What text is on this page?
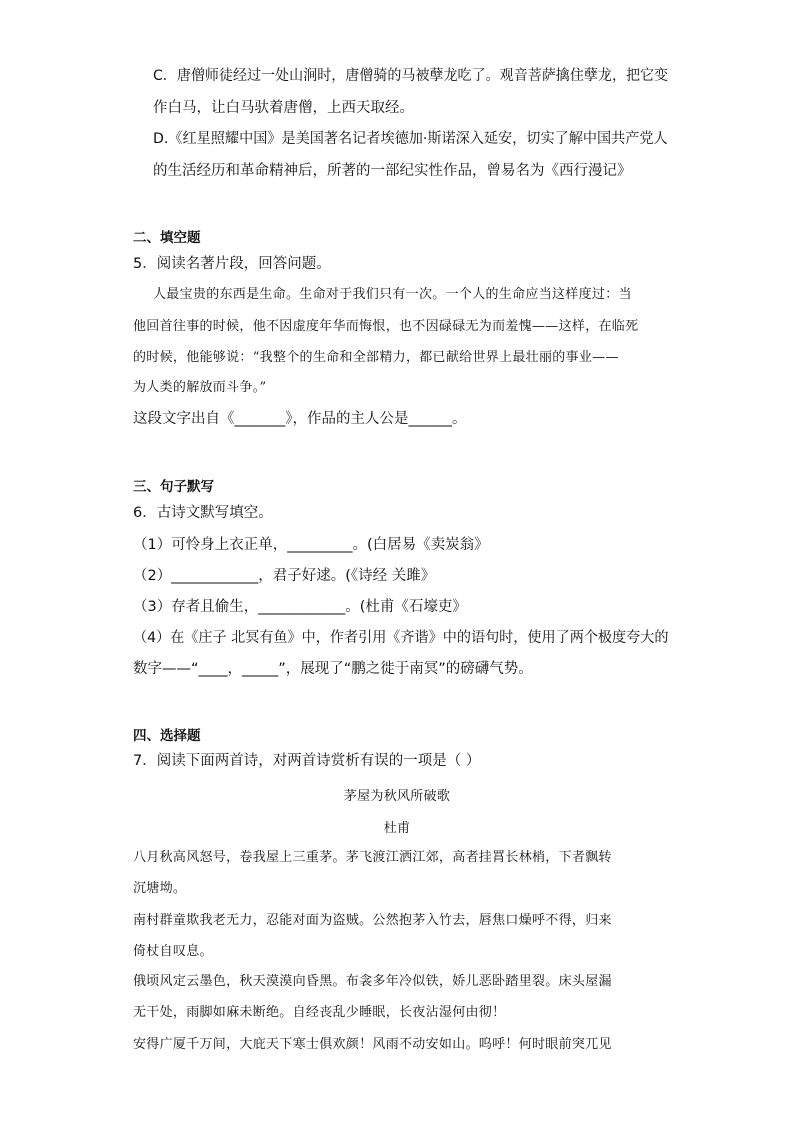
C．唐僧师徒经过一处山涧时，唐僧骑的马被孽龙吃了。观音菩萨擒住孽龙，把它变
作白马，让白马驮着唐僧，上西天取经。
D.《红星照耀中国》是美国著名记者埃德加·斯诺深入延安，切实了解中国共产党人
的生活经历和革命精神后，所著的一部纪实性作品，曾易名为《西行漫记》
二、填空题
5．阅读名著片段，回答问题。
人最宝贵的东西是生命。生命对于我们只有一次。一个人的生命应当这样度过：当
他回首往事的时候，他不因虚度年华而悔恨，也不因碌碌无为而羞愧——这样，在临死
的时候，他能够说：“我整个的生命和全部精力，都已献给世界上最壮丽的事业——
为人类的解放而斗争。”
这段文字出自《_______》，作品的主人公是______。
三、句子默写
6．古诗文默写填空。
（1）可怜身上衣正单，_________。(白居易《卖炭翁》
（2）____________，君子好逑。(《诗经 关雎》
（3）存者且偷生，____________。(杜甫《石壕吏》
（4）在《庄子 北冥有鱼》中，作者引用《齐谐》中的语句时，使用了两个极度夸大的
数字——“____，_____”，展现了“鹏之徙于南冥”的磅礴气势。
四、选择题
7．阅读下面两首诗，对两首诗赏析有误的一项是（ ）
茅屋为秋风所破歌
杜甫
八月秋高风怒号，卷我屋上三重茅。茅飞渡江洒江郊，高者挂罥长林梢，下者飘转
沉塘坳。
南村群童欺我老无力，忍能对面为盗贼。公然抱茅入竹去，唇焦口燥呼不得，归来
倚杖自叹息。
俄顷风定云墨色，秋天漠漠向昏黑。布衾多年冷似铁，娇儿恶卧踏里裂。床头屋漏
无干处，雨脚如麻未断绝。自经丧乱少睡眠，长夜沾湿何由彻！
安得广厦千万间，大庇天下寒士俱欢颜！风雨不动安如山。呜呼！何时眼前突兀见
